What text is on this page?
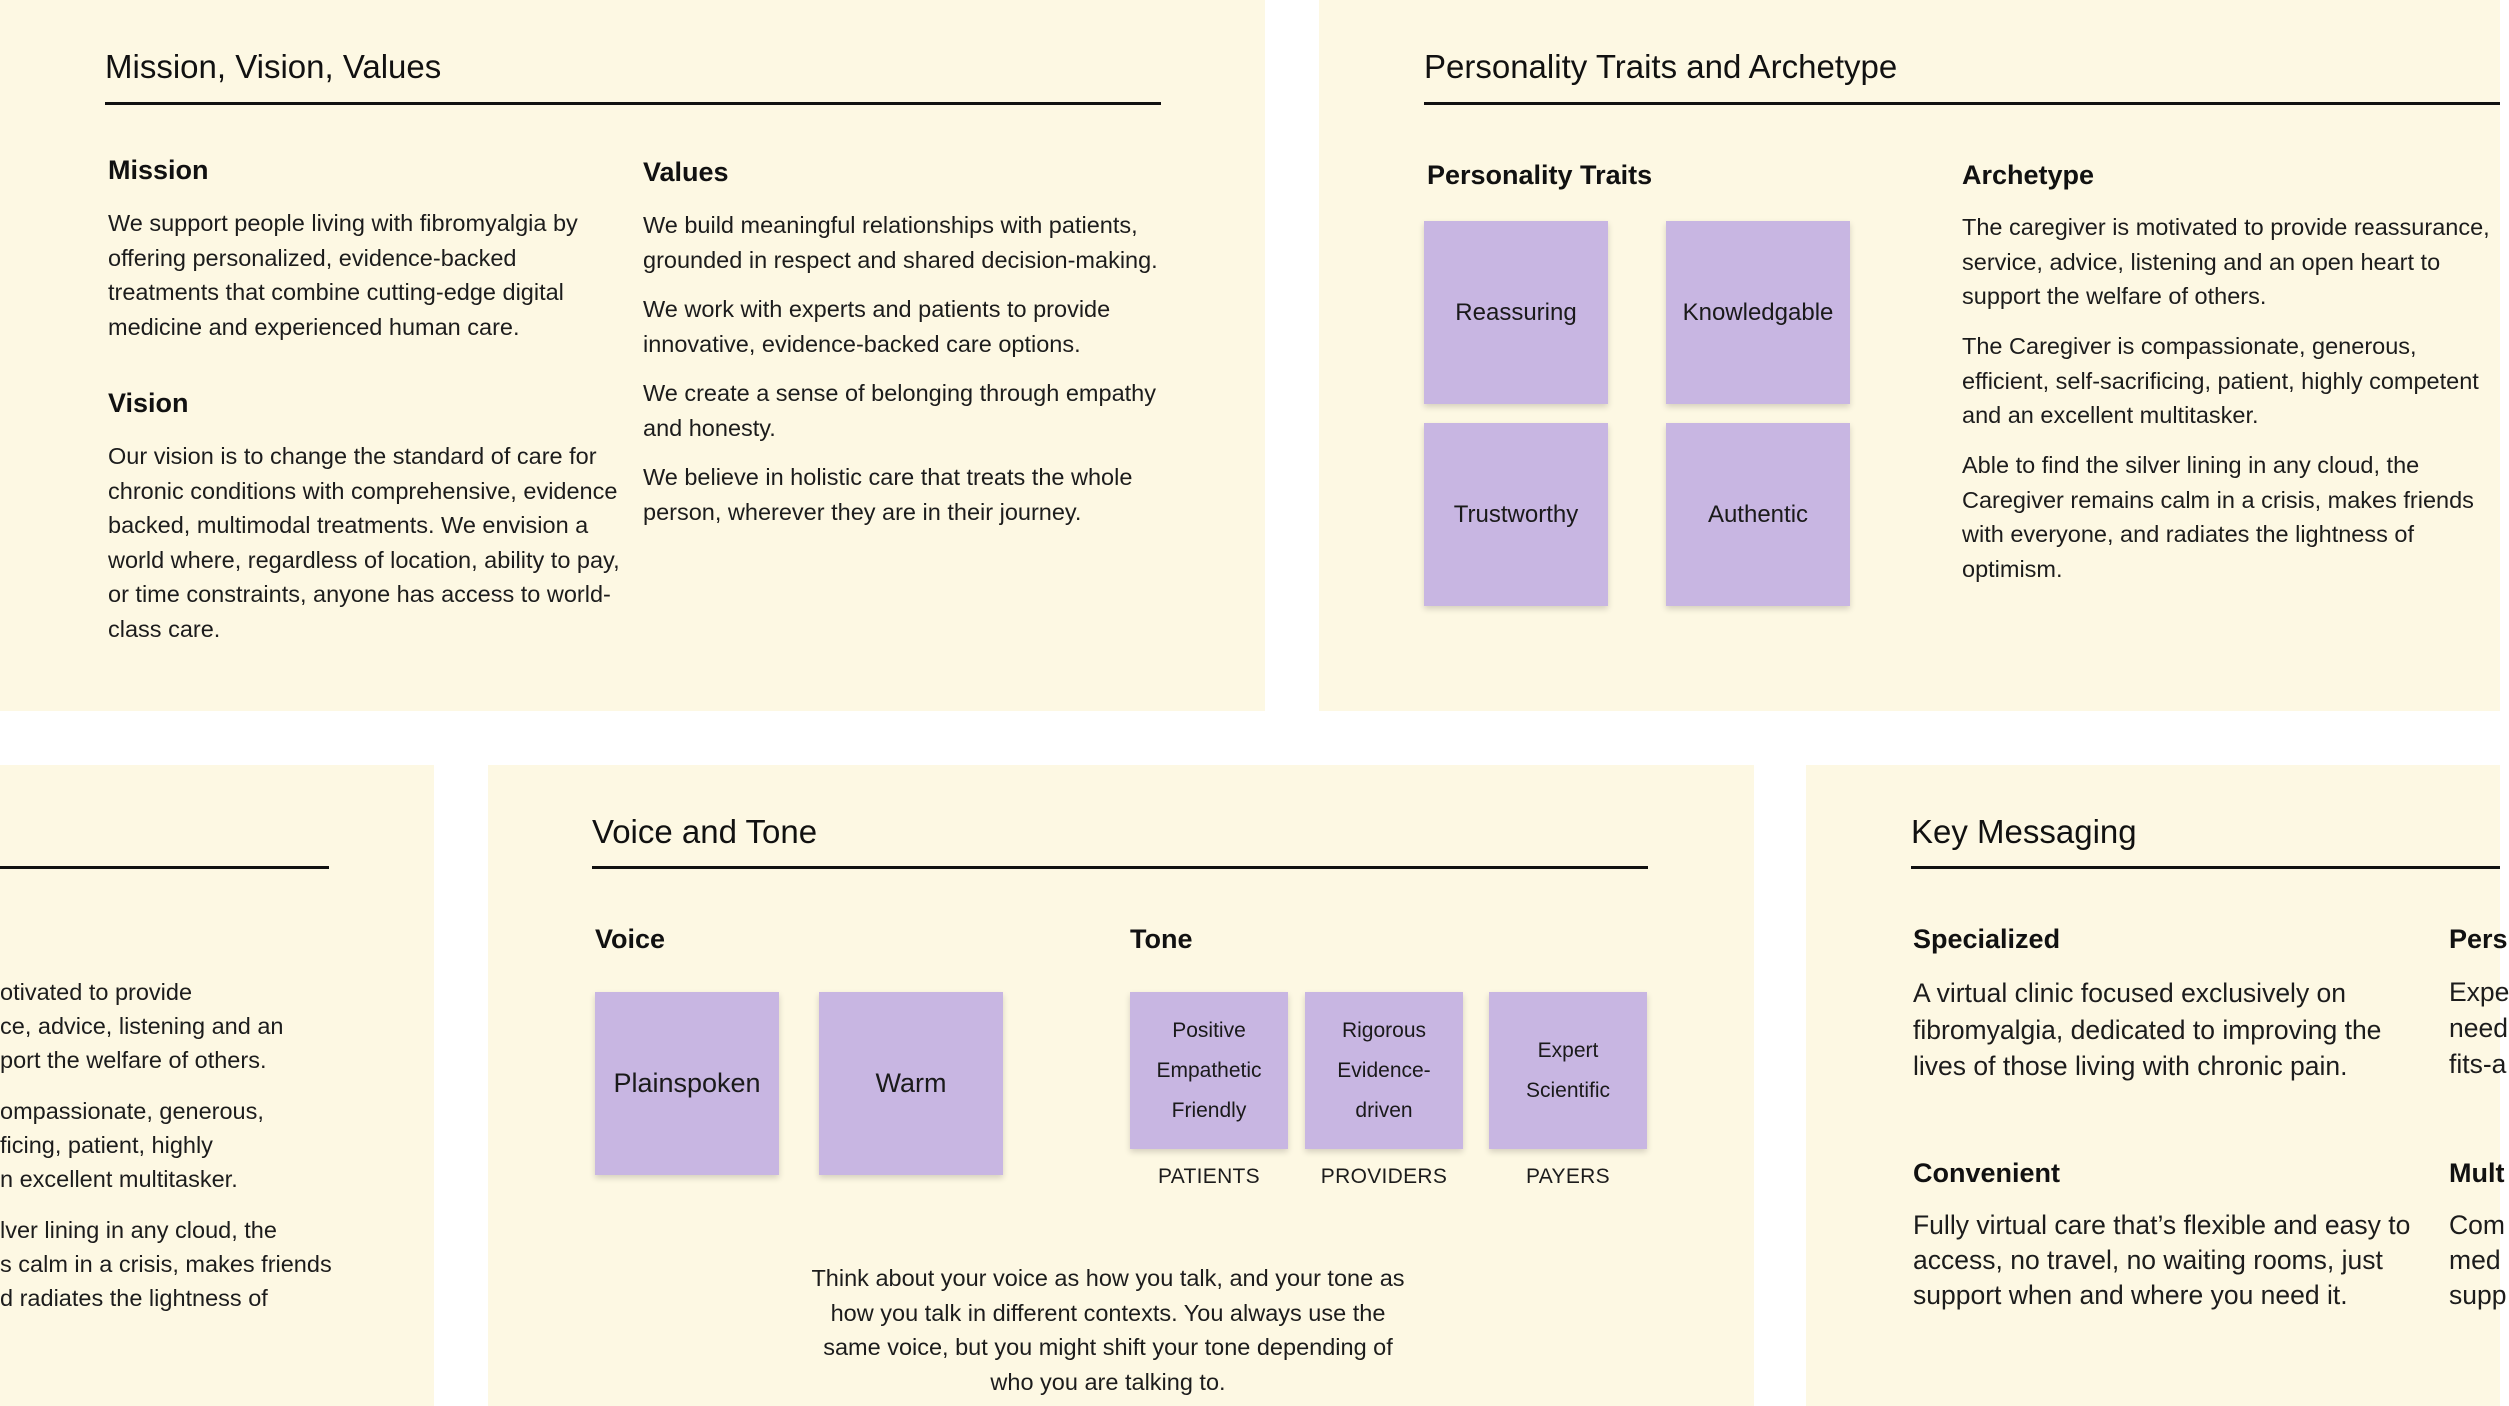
Mission, Vision, Values
Mission

We support people living with fibromyalgia by offering personalized, evidence-backed treatments that combine cutting-edge digital medicine and experienced human care.

Vision

Our vision is to change the standard of care for chronic conditions with comprehensive, evidence backed, multimodal treatments. We envision a world where, regardless of location, ability to pay, or time constraints, anyone has access to world-class care.

Values

We build meaningful relationships with patients, grounded in respect and shared decision-making.

We work with experts and patients to provide innovative, evidence-backed care options.

We create a sense of belonging through empathy and honesty.

We believe in holistic care that treats the whole person, wherever they are in their journey.

Personality Traits and Archetype
Personality Traits
Reassuring	Knowledgable
Trustworthy	Authentic
Archetype

The caregiver is motivated to provide reassurance, service, advice, listening and an open heart to support the welfare of others.

The Caregiver is compassionate, generous, efficient, self-sacrificing, patient, highly competent and an excellent multitasker.

Able to find the silver lining in any cloud, the Caregiver remains calm in a crisis, makes friends with everyone, and radiates the lightness of optimism.

otivated to provide
ce, advice, listening and an
port the welfare of others.
ompassionate, generous,
ficing, patient, highly
n excellent multitasker.
lver lining in any cloud, the
s calm in a crisis, makes friends
d radiates the lightness of
Voice and Tone
Voice
Plainspoken	Warm
Tone
Positive
Empathetic
Friendly
PATIENTS
Rigorous
Evidence-
driven
PROVIDERS
Expert
Scientific
PAYERS

Think about your voice as how you talk, and your tone as how you talk in different contexts. You always use the same voice, but you might shift your tone depending of who you are talking to.

Key Messaging
Specialized

A virtual clinic focused exclusively on fibromyalgia, dedicated to improving the lives of those living with chronic pain.

Convenient

Fully virtual care that’s flexible and easy to access, no travel, no waiting rooms, just support when and where you need it.

Pers
Expe
need
fits-a
Mult
Com
med
supp
